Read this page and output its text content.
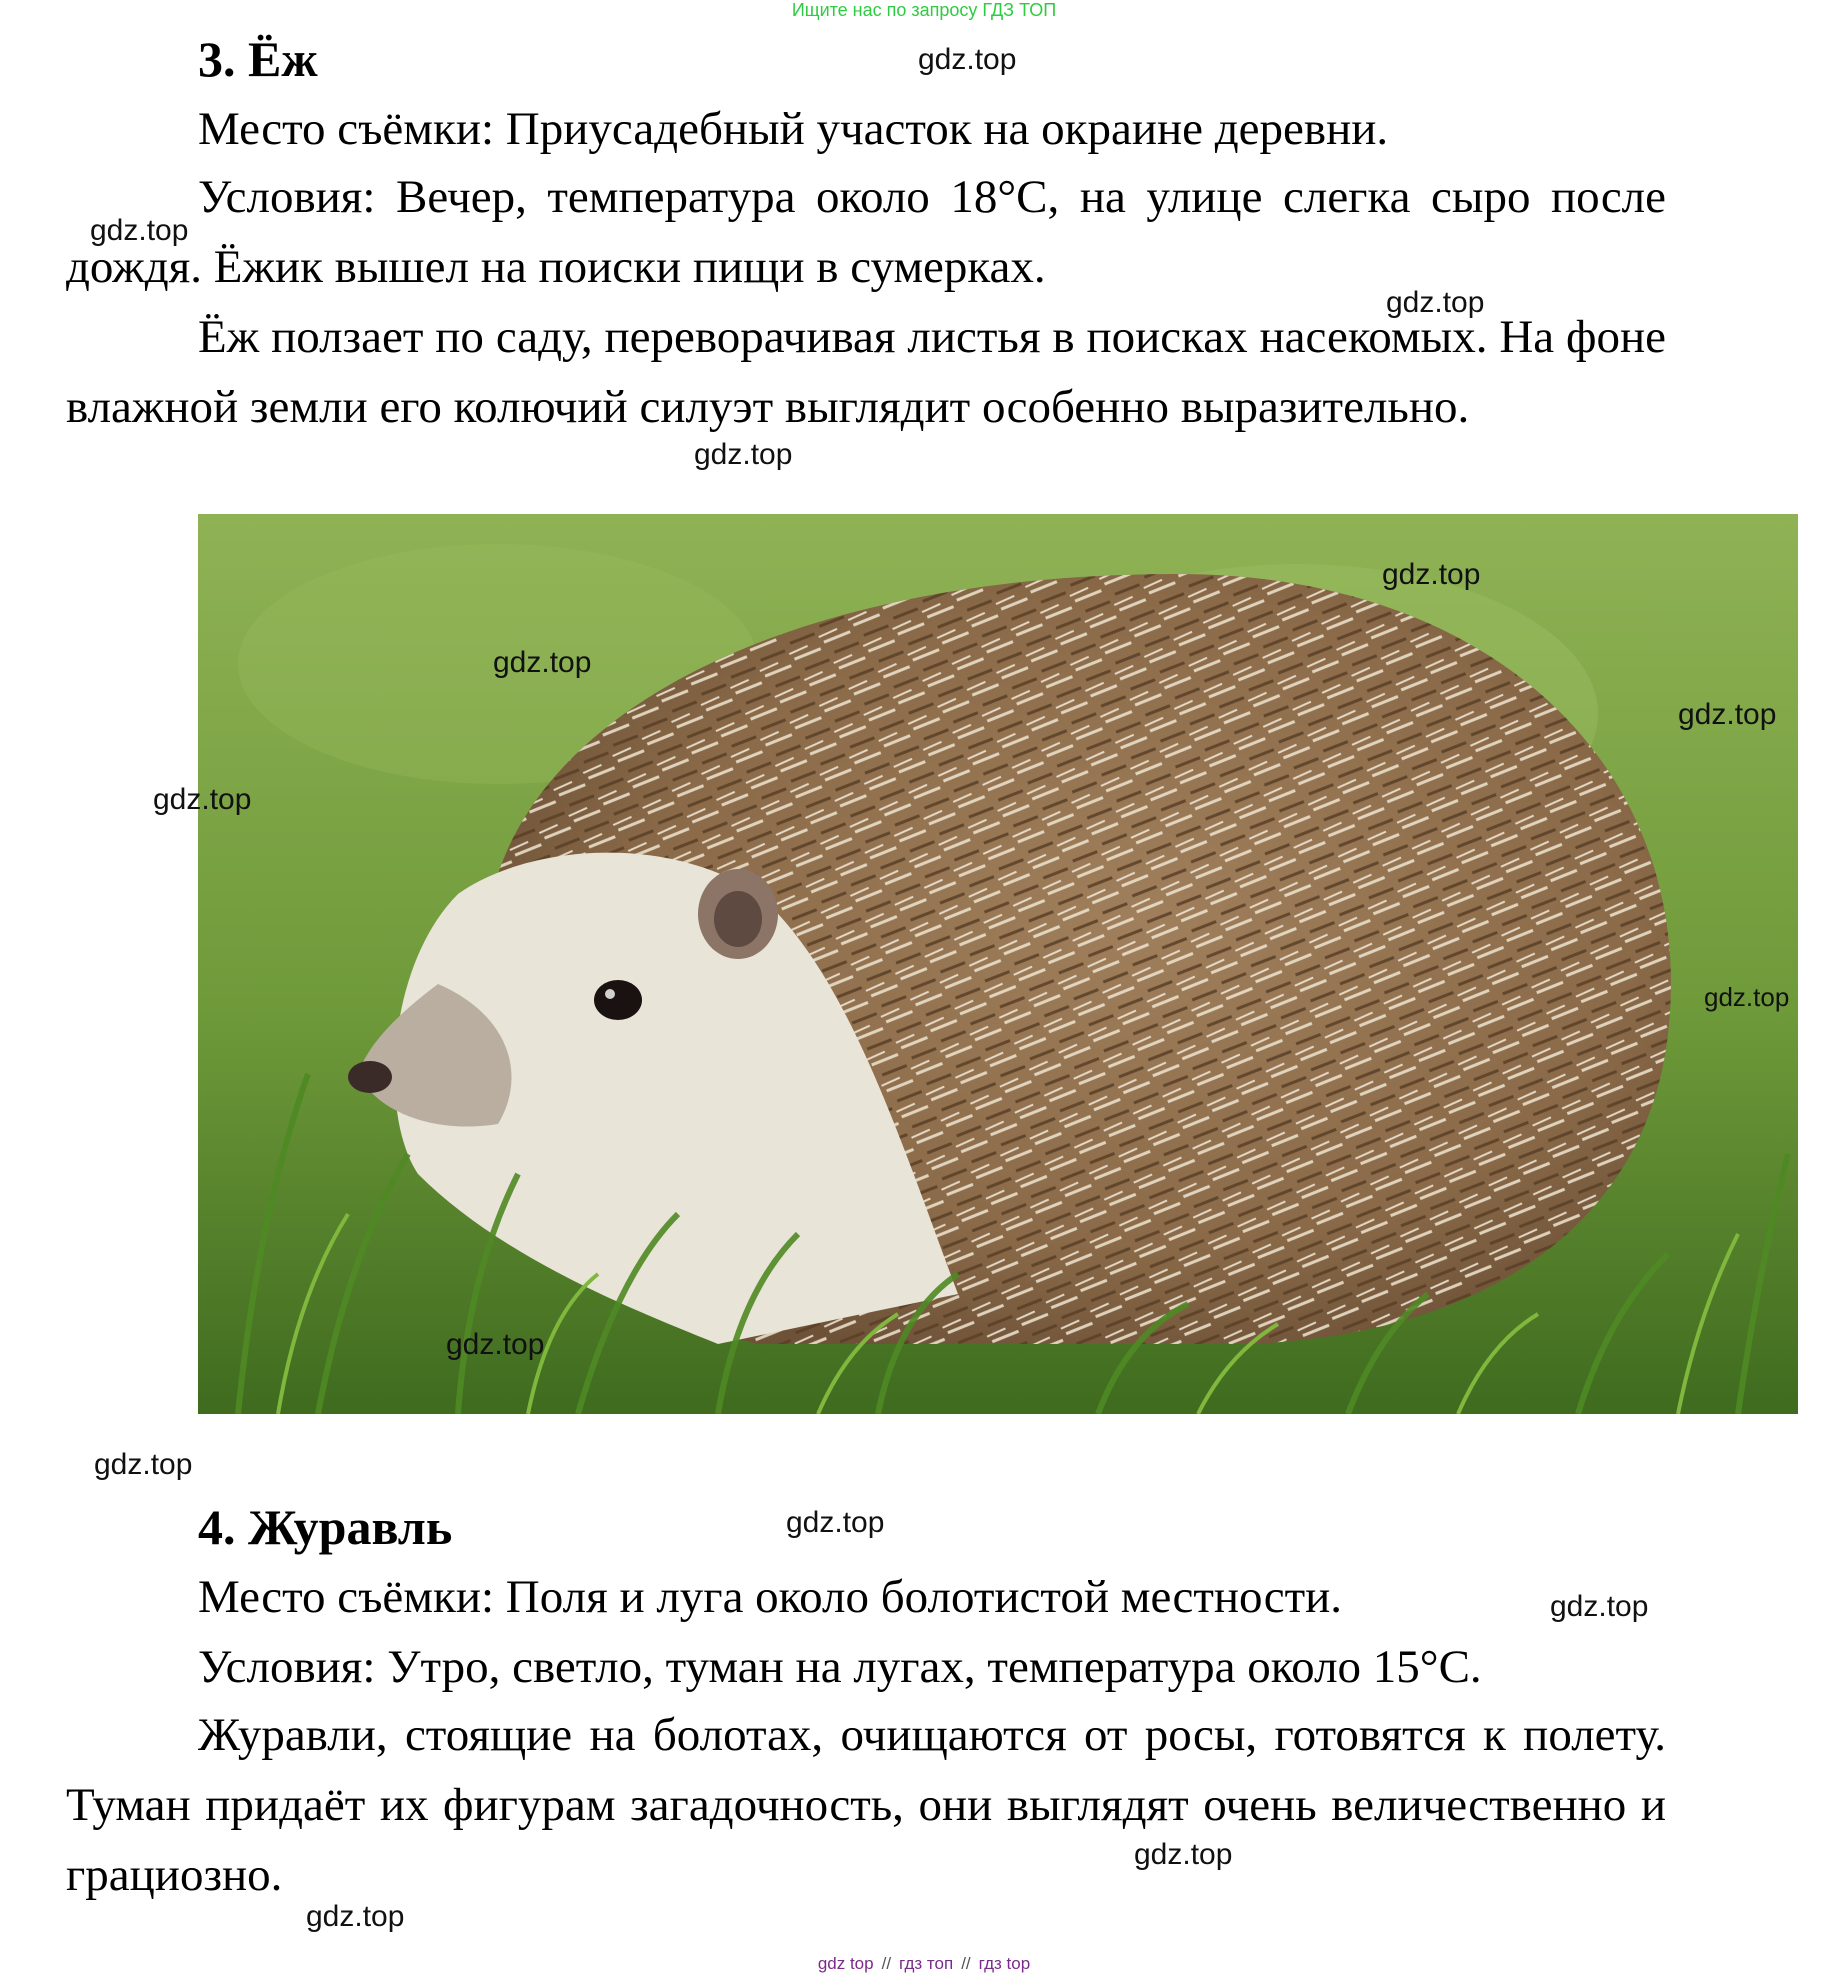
Ищите нас по запросу ГДЗ ТОП
3. Ёж
Место съёмки: Приусадебный участок на окраине деревни.
Условия: Вечер, температура около 18°C, на улице слегка сыро после дождя. Ёжик вышел на поиски пищи в сумерках.
Ёж ползает по саду, переворачивая листья в поисках насекомых. На фоне влажной земли его колючий силуэт выглядит особенно выразительно.
4. Журавль
Место съёмки: Поля и луга около болотистой местности.
Условия: Утро, светло, туман на лугах, температура около 15°C.
Журавли, стоящие на болотах, очищаются от росы, готовятся к полету. Туман придаёт их фигурам загадочность, они выглядят очень величественно и грациозно.
gdz.top
gdz.top
gdz.top
gdz.top
gdz.top
gdz.top
gdz.top
gdz.top
gdz.top
gdz.top
gdz.top
gdz.top
gdz.top
gdz.top
gdz.top
gdz top // гдз топ // гдз top
